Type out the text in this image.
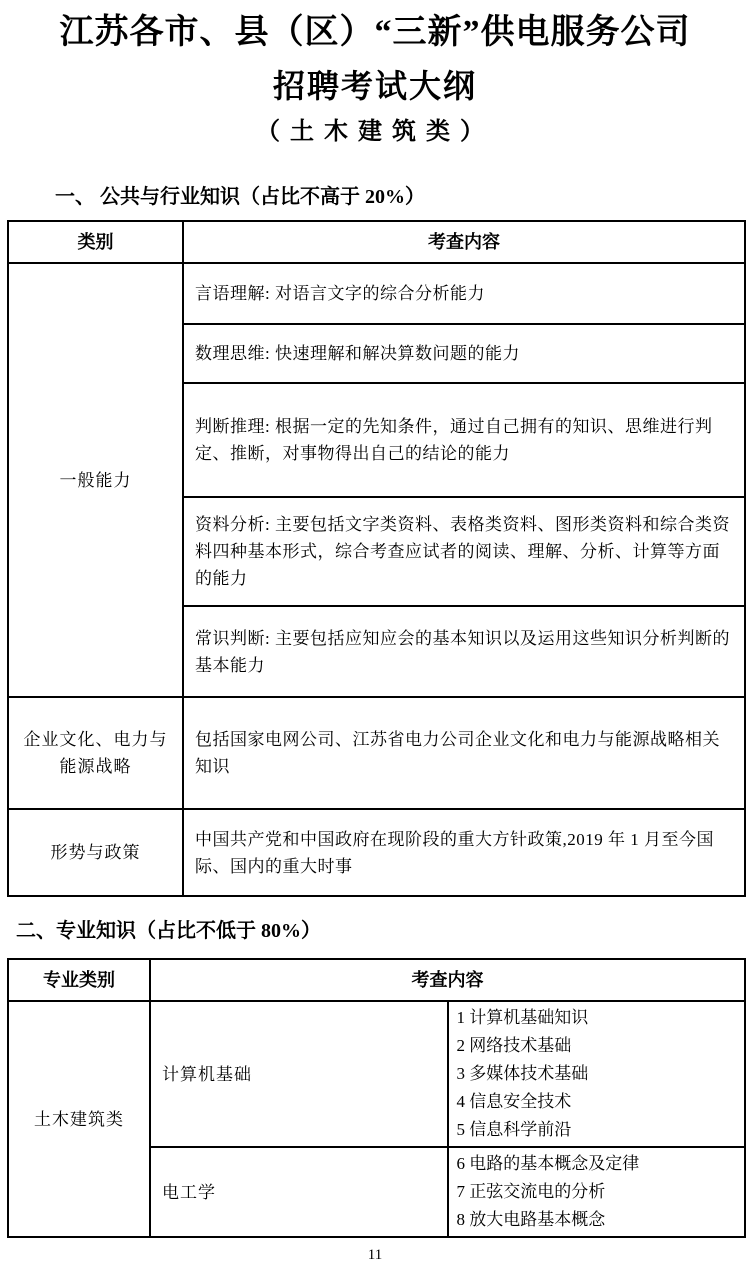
江苏各市、县（区）“三新”供电服务公司
招聘考试大纲
（土木建筑类）
一、 公共与行业知识（占比不高于 20%）
类别	考查内容
一般能力	言语理解: 对语言文字的综合分析能力
	数理思维: 快速理解和解决算数问题的能力
	判断推理: 根据一定的先知条件，通过自己拥有的知识、思维进行判定、推断，对事物得出自己的结论的能力
	资料分析: 主要包括文字类资料、表格类资料、图形类资料和综合类资料四种基本形式，综合考查应试者的阅读、理解、分析、计算等方面的能力
	常识判断: 主要包括应知应会的基本知识以及运用这些知识分析判断的基本能力
企业文化、电力与能源战略	包括国家电网公司、江苏省电力公司企业文化和电力与能源战略相关知识
形势与政策	中国共产党和中国政府在现阶段的重大方针政策,2019 年 1 月至今国际、国内的重大时事
二、专业知识（占比不低于 80%）
专业类别	考查内容	
土木建筑类	计算机基础	1 计算机基础知识
2 网络技术基础
3 多媒体技术基础
4 信息安全技术
5 信息科学前沿

	电工学	6 电路的基本概念及定律
7 正弦交流电的分析
8 放大电路基本概念
11
